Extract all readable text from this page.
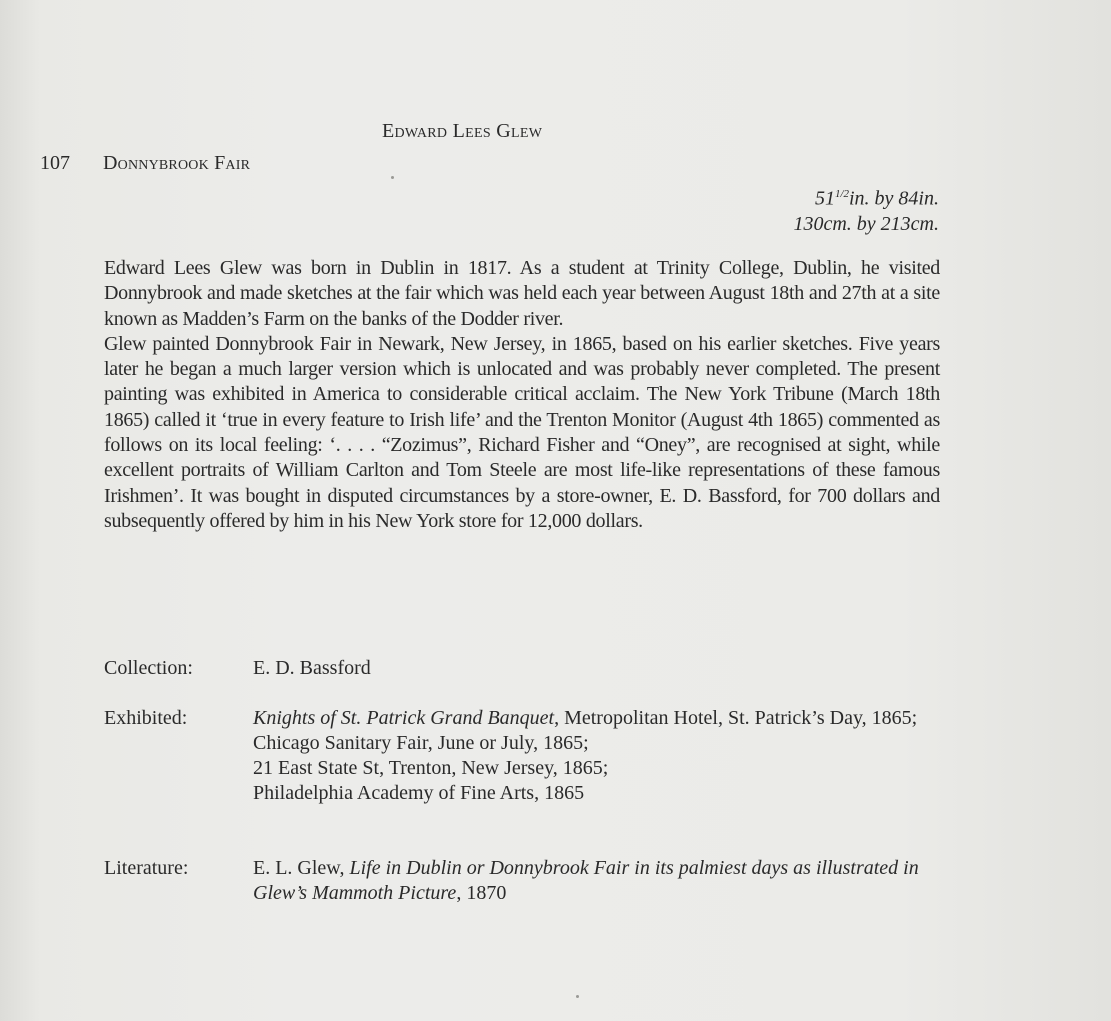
Edward Lees Glew
107 Donnybrook Fair
$51^{1/2}in$. by 84in.
130cm. by 213cm.

Edward Lees Glew was born in Dublin in 1817. As a student at Trinity College, Dublin, he visited Donnybrook and made sketches at the fair which was held each year between August 18th and 27th at a site known as Madden’s Farm on the banks of the Dodder river.

Glew painted Donnybrook Fair in Newark, New Jersey, in 1865, based on his earlier sketches. Five years later he began a much larger version which is unlocated and was probably never completed. The present painting was exhibited in America to considerable critical acclaim. The New York Tribune (March 18th 1865) called it ‘true in every feature to Irish life’ and the Trenton Monitor (August 4th 1865) commented as follows on its local feeling: ‘. . . . “Zozimus”, Richard Fisher and “Oney”, are recognised at sight, while excellent portraits of William Carlton and Tom Steele are most life-like representations of these famous Irishmen’. It was bought in disputed circumstances by a store-owner, E. D. Bassford, for 700 dollars and subsequently offered by him in his New York store for 12,000 dollars.

Collection:	E. D. Bassford
Exhibited:	Knights of St. Patrick Grand Banquet, Metropolitan Hotel, St. Patrick’s Day, 1865;

Chicago Sanitary Fair, June or July, 1865;

21 East State St, Trenton, New Jersey, 1865;

Philadelphia Academy of Fine Arts, 1865

Literature:	E. L. Glew, Life in Dublin or Donnybrook Fair in its palmiest days as illustrated in Glew’s Mammoth Picture, 1870
